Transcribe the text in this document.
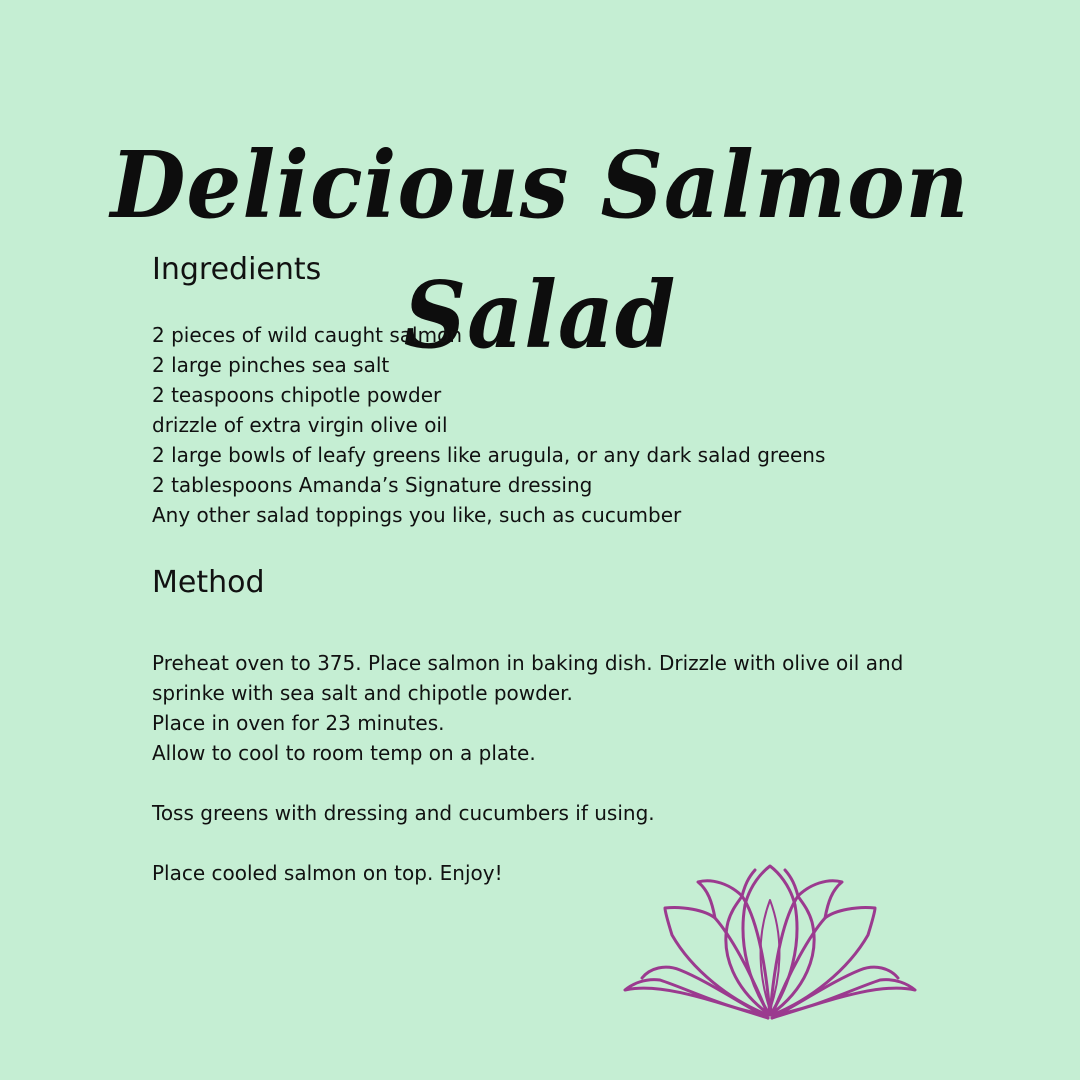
Delicious Salmon Salad
Ingredients
2 pieces of wild caught salmon
2 large pinches sea salt
2 teaspoons chipotle powder
drizzle of extra virgin olive oil
2 large bowls of leafy greens like arugula, or any dark salad greens
2 tablespoons Amanda’s Signature dressing
Any other salad toppings you like, such as cucumber
Method
Preheat oven to 375. Place salmon in baking dish. Drizzle with olive oil and
sprinke with sea salt and chipotle powder.
Place in oven for 23 minutes.
Allow to cool to room temp on a plate.
Toss greens with dressing and cucumbers if using.
Place cooled salmon on top. Enjoy!
